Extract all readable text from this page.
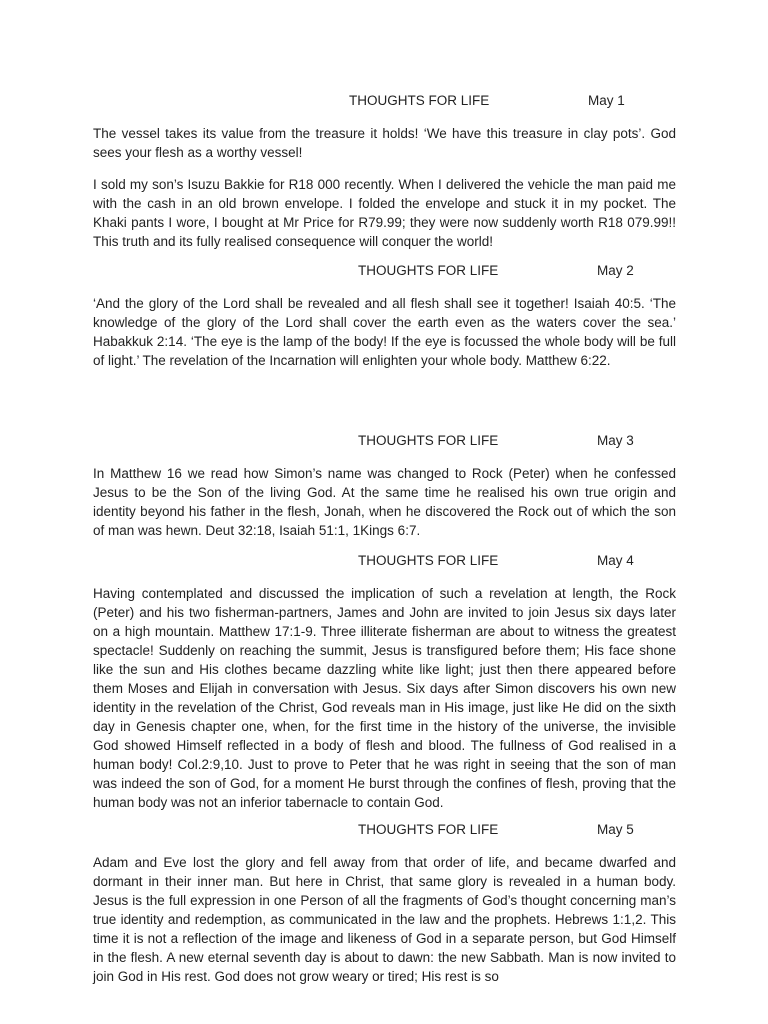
THOUGHTS FOR LIFE	May 1

The vessel takes its value from the treasure it holds! ‘We have this treasure in clay pots’. God sees your flesh as a worthy vessel!

I sold my son’s Isuzu Bakkie for R18 000 recently. When I delivered the vehicle the man paid me with the cash in an old brown envelope. I folded the envelope and stuck it in my pocket. The Khaki pants I wore, I bought at Mr Price for R79.99; they were now suddenly worth R18 079.99!! This truth and its fully realised consequence will conquer the world!

THOUGHTS FOR LIFE	May 2

‘And the glory of the Lord shall be revealed and all flesh shall see it together! Isaiah 40:5. ‘The knowledge of the glory of the Lord shall cover the earth even as the waters cover the sea.’ Habakkuk 2:14. ‘The eye is the lamp of the body! If the eye is focussed the whole body will be full of light.’ The revelation of the Incarnation will enlighten your whole body. Matthew 6:22.

THOUGHTS FOR LIFE	May 3

In Matthew 16 we read how Simon’s name was changed to Rock (Peter) when he confessed Jesus to be the Son of the living God. At the same time he realised his own true origin and identity beyond his father in the flesh, Jonah, when he discovered the Rock out of which the son of man was hewn. Deut 32:18, Isaiah 51:1, 1Kings 6:7.

THOUGHTS FOR LIFE	May 4

Having contemplated and discussed the implication of such a revelation at length, the Rock (Peter) and his two fisherman-partners, James and John are invited to join Jesus six days later on a high mountain. Matthew 17:1-9. Three illiterate fisherman are about to witness the greatest spectacle! Suddenly on reaching the summit, Jesus is transfigured before them; His face shone like the sun and His clothes became dazzling white like light; just then there appeared before them Moses and Elijah in conversation with Jesus. Six days after Simon discovers his own new identity in the revelation of the Christ, God reveals man in His image, just like He did on the sixth day in Genesis chapter one, when, for the first time in the history of the universe, the invisible God showed Himself reflected in a body of flesh and blood. The fullness of God realised in a human body! Col.2:9,10. Just to prove to Peter that he was right in seeing that the son of man was indeed the son of God, for a moment He burst through the confines of flesh, proving that the human body was not an inferior tabernacle to contain God.

THOUGHTS FOR LIFE	May 5

Adam and Eve lost the glory and fell away from that order of life, and became dwarfed and dormant in their inner man. But here in Christ, that same glory is revealed in a human body. Jesus is the full expression in one Person of all the fragments of God’s thought concerning man’s true identity and redemption, as communicated in the law and the prophets. Hebrews 1:1,2. This time it is not a reflection of the image and likeness of God in a separate person, but God Himself in the flesh. A new eternal seventh day is about to dawn: the new Sabbath. Man is now invited to join God in His rest. God does not grow weary or tired; His rest is so
